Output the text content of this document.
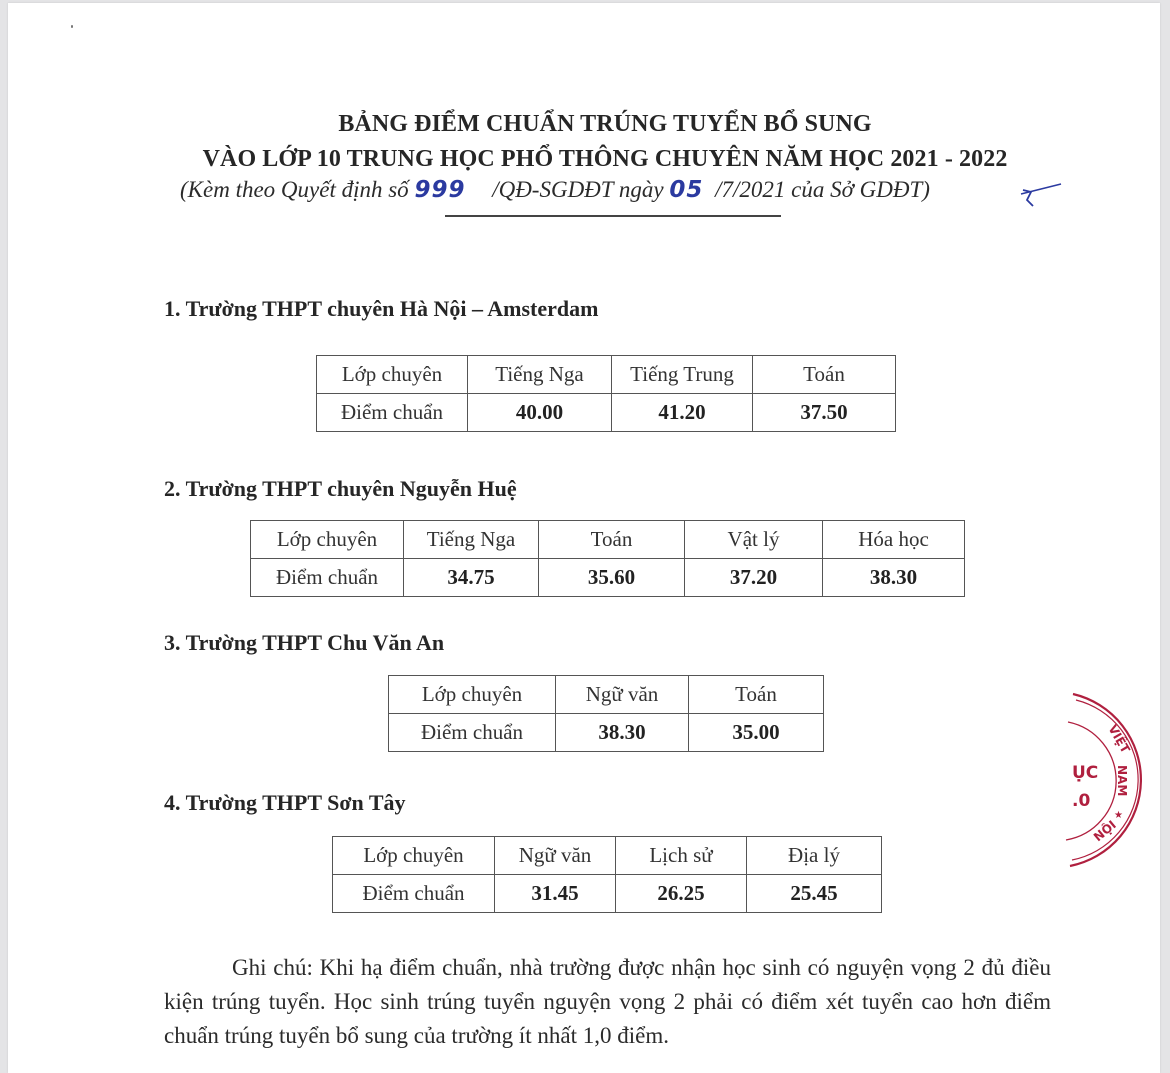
BẢNG ĐIỂM CHUẨN TRÚNG TUYỂN BỔ SUNG
VÀO LỚP 10 TRUNG HỌC PHỔ THÔNG CHUYÊN NĂM HỌC 2021 - 2022
(Kèm theo Quyết định số 999 /QĐ-SGDĐT ngày 05 /7/2021 của Sở GDĐT)
1. Trường THPT chuyên Hà Nội – Amsterdam
Lớp chuyên	Tiếng Nga	Tiếng Trung	Toán
Điểm chuẩn	40.00	41.20	37.50
2. Trường THPT chuyên Nguyễn Huệ
Lớp chuyên	Tiếng Nga	Toán	Vật lý	Hóa học
Điểm chuẩn	34.75	35.60	37.20	38.30
3. Trường THPT Chu Văn An
Lớp chuyên	Ngữ văn	Toán
Điểm chuẩn	38.30	35.00
4. Trường THPT Sơn Tây
Lớp chuyên	Ngữ văn	Lịch sử	Địa lý
Điểm chuẩn	31.45	26.25	25.45
Ghi chú: Khi hạ điểm chuẩn, nhà trường được nhận học sinh có nguyện vọng 2 đủ điều kiện trúng tuyển. Học sinh trúng tuyển nguyện vọng 2 phải có điểm xét tuyển cao hơn điểm chuẩn trúng tuyển bổ sung của trường ít nhất 1,0 điểm.
VIỆT
NAM
★
NỘI
ỤC
.0
